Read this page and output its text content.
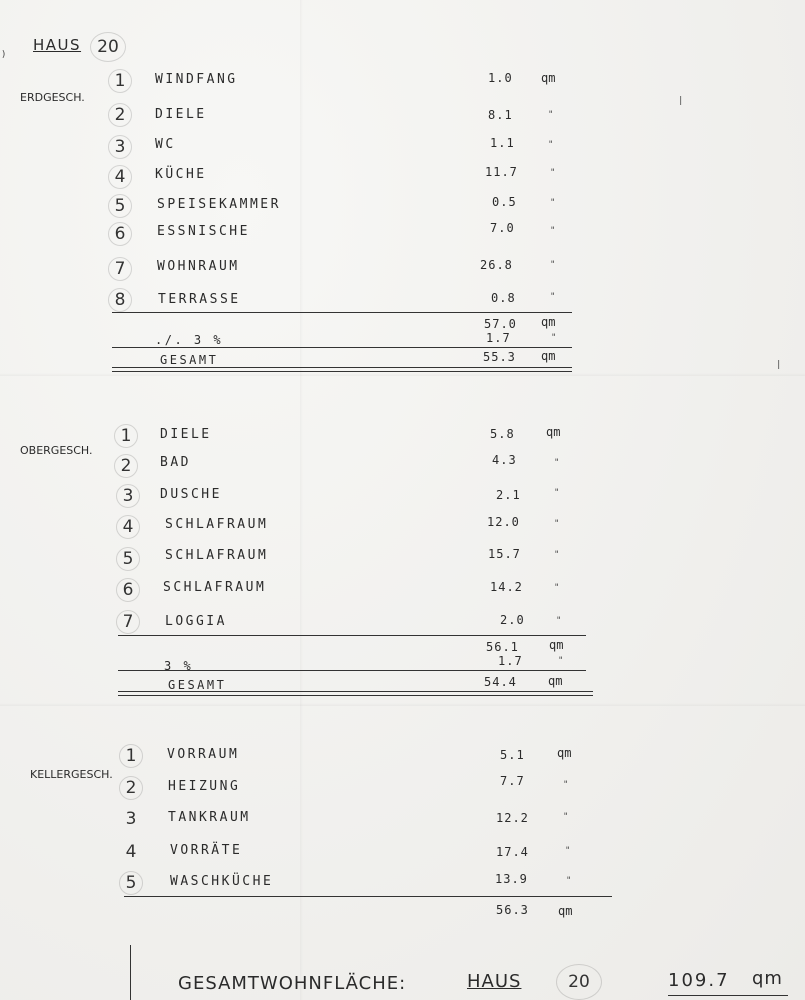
HAUS 20
ERDGESCH.
1	WINDFANG	1.0 qm
2	DIELE	8.1	"
3	WC	1.1	"
4	KÜCHE	11.7	"
5	SPEISEKAMMER	0.5	"
6	ESSNISCHE	7.0	"
7	WOHNRAUM	26.8	"
8	TERRASSE	0.8	"
57.0 qm
./. 3 %	1.7	"
GESAMT	55.3 qm
OBERGESCH.
1	DIELE	5.8	qm
2	BAD	4.3	"
3	DUSCHE	2.1	"
4	SCHLAFRAUM	12.0	"
5	SCHLAFRAUM	15.7	"
6	SCHLAFRAUM	14.2	"
7	LOGGIA	2.0	"
56.1	qm
3 %	1.7	"
GESAMT	54.4	qm
KELLERGESCH.
1	VORRAUM	5.1	qm
2	HEIZUNG	7.7	"
3	TANKRAUM	12.2	"
4	VORRÄTE	17.4	"
5	WASCHKÜCHE	13.9	"
56.3 qm
GESAMTWOHNFLÄCHE:	HAUS	20	109.7 qm
|
|
)
